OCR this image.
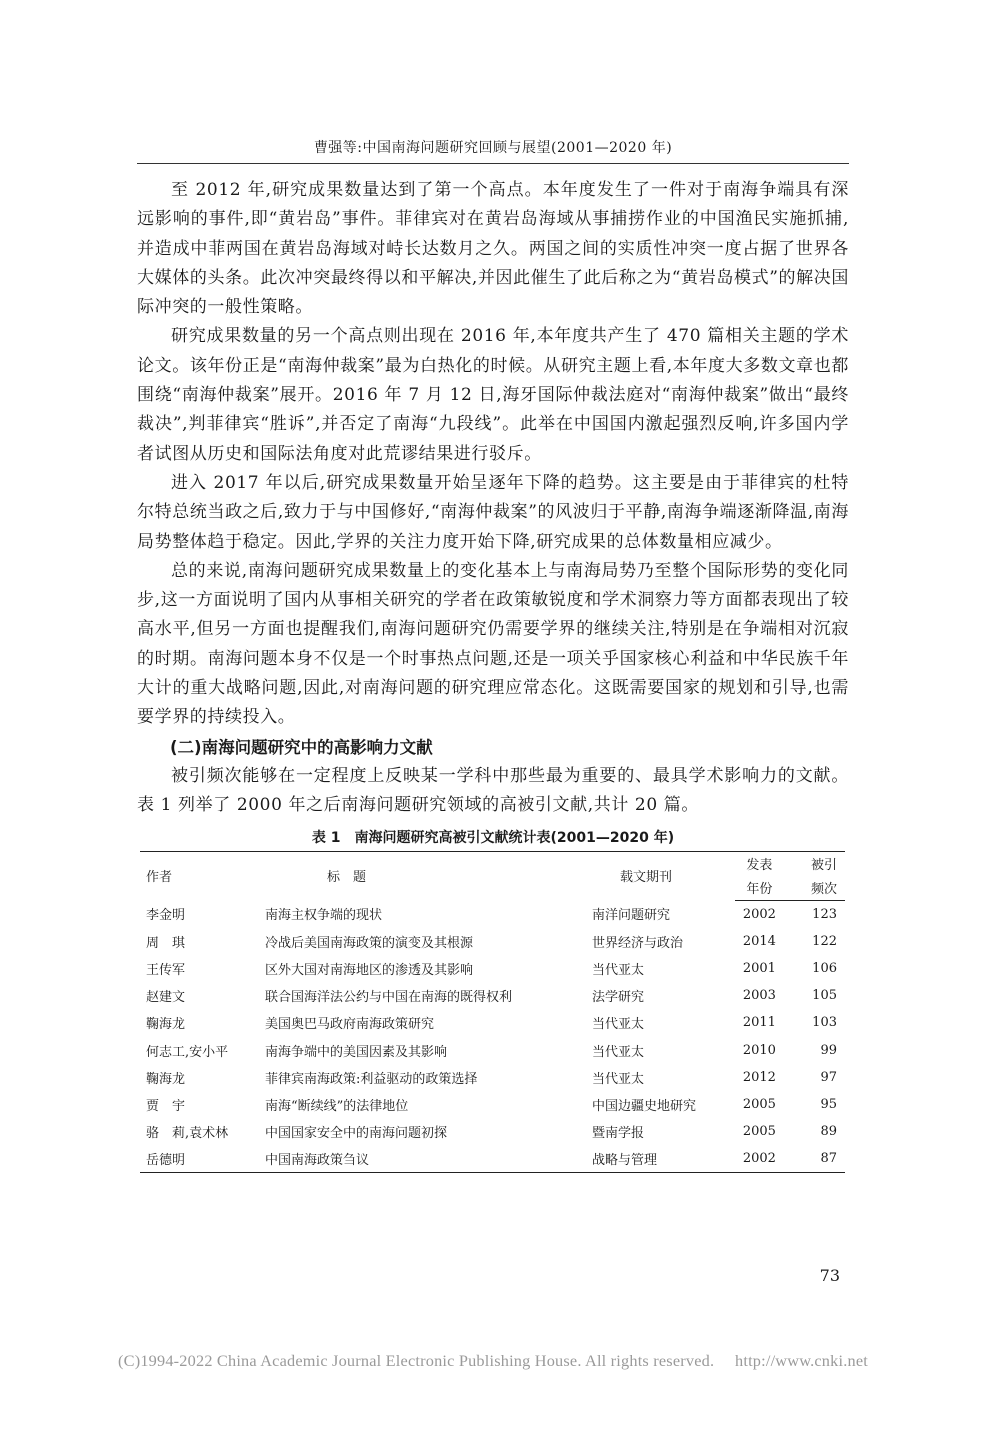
曹强等:中国南海问题研究回顾与展望(2001—2020 年)

至 2012 年,研究成果数量达到了第一个高点。本年度发生了一件对于南海争端具有深远影响的事件,即“黄岩岛”事件。菲律宾对在黄岩岛海域从事捕捞作业的中国渔民实施抓捕,并造成中菲两国在黄岩岛海域对峙长达数月之久。两国之间的实质性冲突一度占据了世界各大媒体的头条。此次冲突最终得以和平解决,并因此催生了此后称之为“黄岩岛模式”的解决国际冲突的一般性策略。

研究成果数量的另一个高点则出现在 2016 年,本年度共产生了 470 篇相关主题的学术论文。该年份正是“南海仲裁案”最为白热化的时候。从研究主题上看,本年度大多数文章也都围绕“南海仲裁案”展开。2016 年 7 月 12 日,海牙国际仲裁法庭对“南海仲裁案”做出“最终裁决”,判菲律宾“胜诉”,并否定了南海“九段线”。此举在中国国内激起强烈反响,许多国内学者试图从历史和国际法角度对此荒谬结果进行驳斥。

进入 2017 年以后,研究成果数量开始呈逐年下降的趋势。这主要是由于菲律宾的杜特尔特总统当政之后,致力于与中国修好,“南海仲裁案”的风波归于平静,南海争端逐渐降温,南海局势整体趋于稳定。因此,学界的关注力度开始下降,研究成果的总体数量相应减少。

总的来说,南海问题研究成果数量上的变化基本上与南海局势乃至整个国际形势的变化同步,这一方面说明了国内从事相关研究的学者在政策敏锐度和学术洞察力等方面都表现出了较高水平,但另一方面也提醒我们,南海问题研究仍需要学界的继续关注,特别是在争端相对沉寂的时期。南海问题本身不仅是一个时事热点问题,还是一项关乎国家核心利益和中华民族千年大计的重大战略问题,因此,对南海问题的研究理应常态化。这既需要国家的规划和引导,也需要学界的持续投入。

(二)南海问题研究中的高影响力文献

被引频次能够在一定程度上反映某一学科中那些最为重要的、最具学术影响力的文献。表 1 列举了 2000 年之后南海问题研究领域的高被引文献,共计 20 篇。

表 1　南海问题研究高被引文献统计表(2001—2020 年)
作者	标　题	载文期刊	发表	被引
			年份	频次
李金明	南海主权争端的现状	南洋问题研究	2002	123
周　琪	冷战后美国南海政策的演变及其根源	世界经济与政治	2014	122
王传军	区外大国对南海地区的渗透及其影响	当代亚太	2001	106
赵建文	联合国海洋法公约与中国在南海的既得权利	法学研究	2003	105
鞠海龙	美国奥巴马政府南海政策研究	当代亚太	2011	103
何志工,安小平	南海争端中的美国因素及其影响	当代亚太	2010	99
鞠海龙	菲律宾南海政策:利益驱动的政策选择	当代亚太	2012	97
贾　宇	南海“断续线”的法律地位	中国边疆史地研究	2005	95
骆　莉,袁术林	中国国家安全中的南海问题初探	暨南学报	2005	89
岳德明	中国南海政策刍议	战略与管理	2002	87
73
(C)1994-2022 China Academic Journal Electronic Publishing House. All rights reserved.　 http://www.cnki.net
